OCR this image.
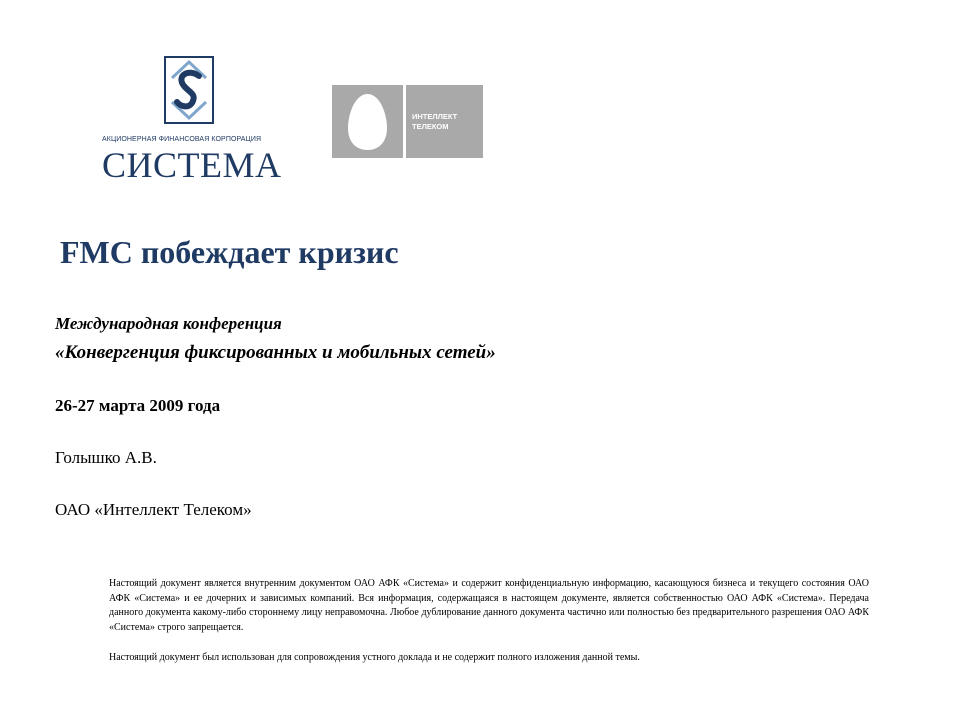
АКЦИОНЕРНАЯ ФИНАНСОВАЯ КОРПОРАЦИЯ
СИСТЕМА
ИНТЕЛЛЕКТ
ТЕЛЕКОМ
FMC побеждает кризис
Международная конференция
«Конвергенция фиксированных и мобильных сетей»
26-27 марта 2009 года
Голышко А.В.
ОАО «Интеллект Телеком»

Настоящий документ является внутренним документом ОАО АФК «Система» и содержит конфиденциальную информацию, касающуюся бизнеса и текущего состояния ОАО АФК «Система» и ее дочерних и зависимых компаний. Вся информация, содержащаяся в настоящем документе, является собственностью ОАО АФК «Система». Передача данного документа какому-либо стороннему лицу неправомочна. Любое дублирование данного документа частично или полностью без предварительного разрешения ОАО АФК «Система» строго запрещается.

Настоящий документ был использован для сопровождения устного доклада и не содержит полного изложения данной темы.
